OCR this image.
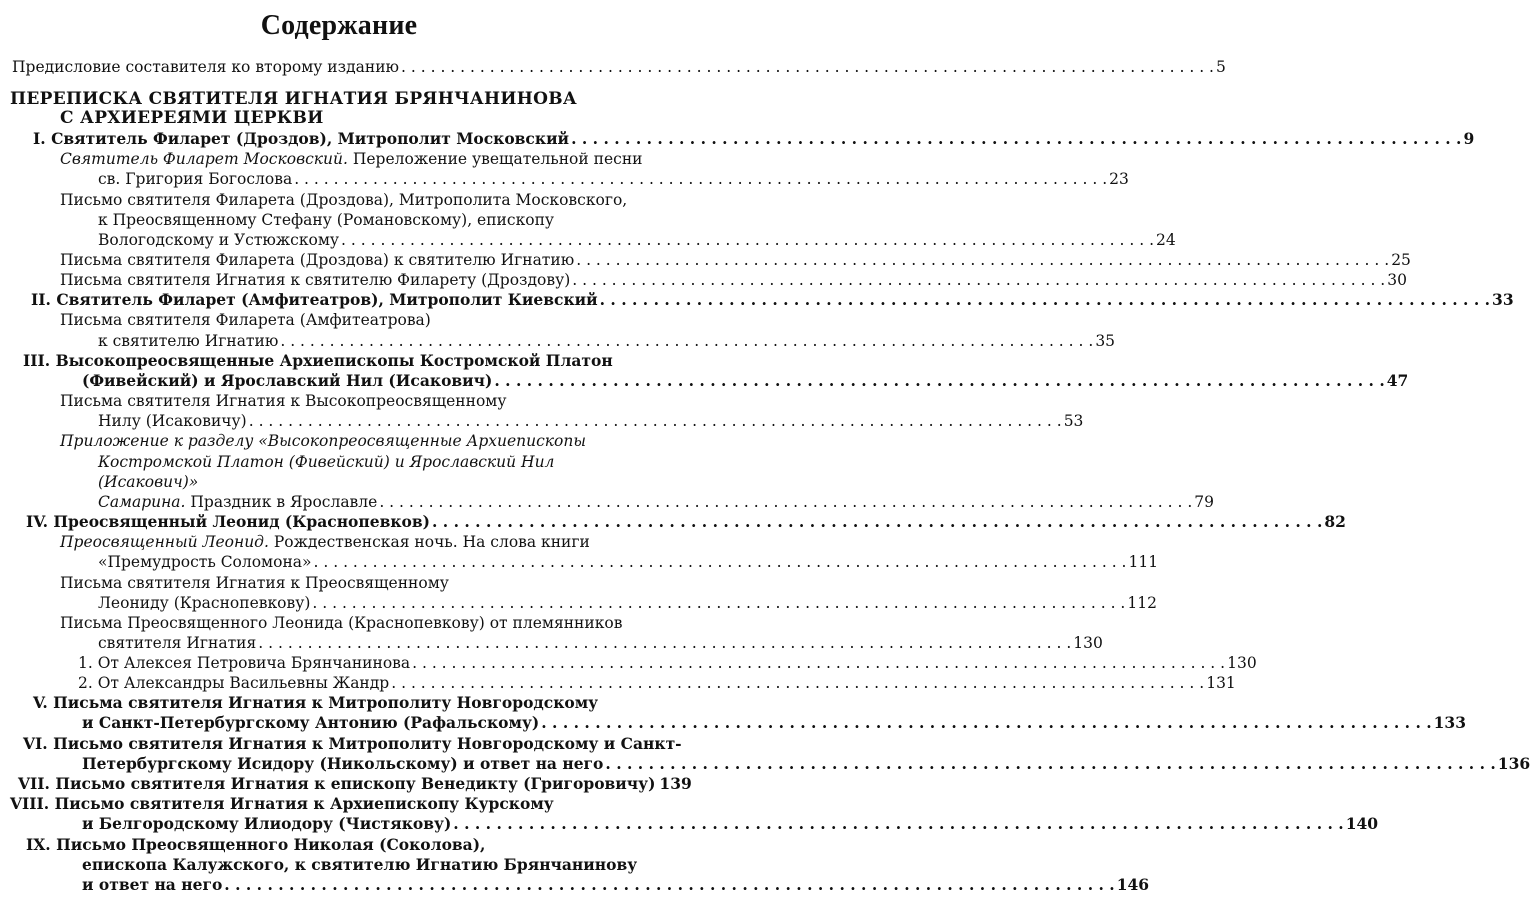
Содержание
Предисловие составителя ко второму изданию . . .	5
ПЕРЕПИСКА СВЯТИТЕЛЯ ИГНАТИЯ БРЯНЧАНИНОВА
С АРХИЕРЕЯМИ ЦЕРКВИ
I. Святитель Филарет (Дроздов), Митрополит Московский . . .	9
Святитель Филарет Московский. Переложение увещательной песни
св. Григория Богослова . . .	23
Письмо святителя Филарета (Дроздова), Митрополита Московского,
к Преосвященному Стефану (Романовскому), епископу
Вологодскому и Устюжскому . . .	24
Письма святителя Филарета (Дроздова) к святителю Игнатию . . .	25
Письма святителя Игнатия к святителю Филарету (Дроздову) . . .	30
II. Святитель Филарет (Амфитеатров), Митрополит Киевский . . .	33
Письма святителя Филарета (Амфитеатрова)
к святителю Игнатию . . .	35
III. Высокопреосвященные Архиепископы Костромской Платон
(Фивейский) и Ярославский Нил (Исакович) . . .	47
Письма святителя Игнатия к Высокопреосвященному
Нилу (Исаковичу) . . .	53
Приложение к разделу «Высокопреосвященные Архиепископы
Костромской Платон (Фивейский) и Ярославский Нил
(Исакович)»
Самарина. Праздник в Ярославле . . .	79
IV. Преосвященный Леонид (Краснопевков) . . .	82
Преосвященный Леонид. Рождественская ночь. На слова книги
«Премудрость Соломона» . . .	111
Письма святителя Игнатия к Преосвященному
Леониду (Краснопевкову) . . .	112
Письма Преосвященного Леонида (Краснопевкову) от племянников
святителя Игнатия . . .	130
1. От Алексея Петровича Брянчанинова . . .	130
2. От Александры Васильевны Жандр . . .	131
V. Письма святителя Игнатия к Митрополиту Новгородскому
и Санкт-Петербургскому Антонию (Рафальскому) . . .	133
VI. Письмо святителя Игнатия к Митрополиту Новгородскому и Санкт-
Петербургскому Исидору (Никольскому) и ответ на него . . .	136
VII. Письмо святителя Игнатия к епископу Венедикту (Григоровичу) 139
VIII. Письмо святителя Игнатия к Архиепископу Курскому
и Белгородскому Илиодору (Чистякову) . . .	140
IX. Письмо Преосвященного Николая (Соколова),
епископа Калужского, к святителю Игнатию Брянчанинову
и ответ на него . . .	146
